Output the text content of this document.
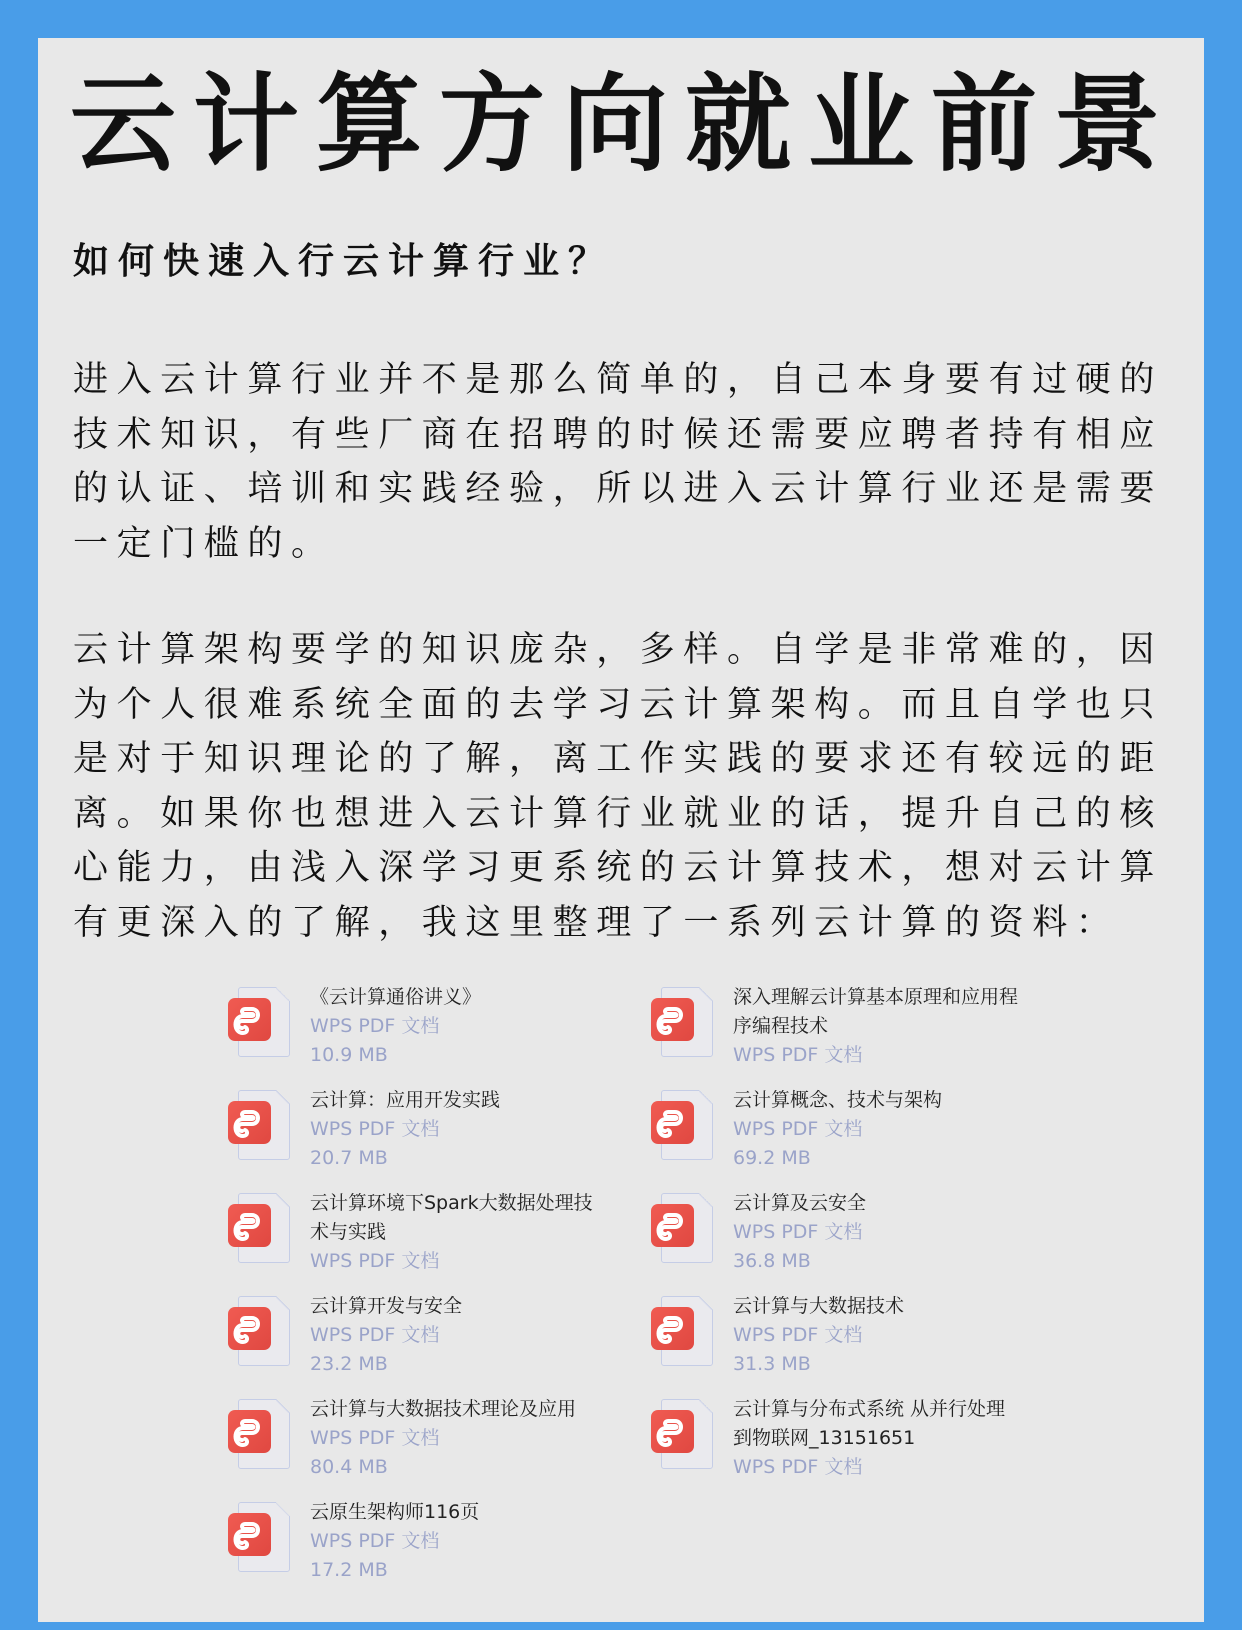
云计算方向就业前景
如何快速入行云计算行业？
进入云计算行业并不是那么简单的，自己本身要有过硬的
技术知识，有些厂商在招聘的时候还需要应聘者持有相应
的认证、培训和实践经验，所以进入云计算行业还是需要
一定门槛的。
云计算架构要学的知识庞杂，多样。自学是非常难的，因
为个人很难系统全面的去学习云计算架构。而且自学也只
是对于知识理论的了解，离工作实践的要求还有较远的距
离。如果你也想进入云计算行业就业的话，提升自己的核
心能力，由浅入深学习更系统的云计算技术，想对云计算
有更深入的了解，我这里整理了一系列云计算的资料：
《云计算通俗讲义》
WPS PDF 文档
10.9 MB
云计算：应用开发实践
WPS PDF 文档
20.7 MB
云计算环境下Spark大数据处理技
术与实践
WPS PDF 文档
云计算开发与安全
WPS PDF 文档
23.2 MB
云计算与大数据技术理论及应用
WPS PDF 文档
80.4 MB
云原生架构师116页
WPS PDF 文档
17.2 MB
深入理解云计算基本原理和应用程
序编程技术
WPS PDF 文档
云计算概念、技术与架构
WPS PDF 文档
69.2 MB
云计算及云安全
WPS PDF 文档
36.8 MB
云计算与大数据技术
WPS PDF 文档
31.3 MB
云计算与分布式系统 从并行处理
到物联网_13151651
WPS PDF 文档
